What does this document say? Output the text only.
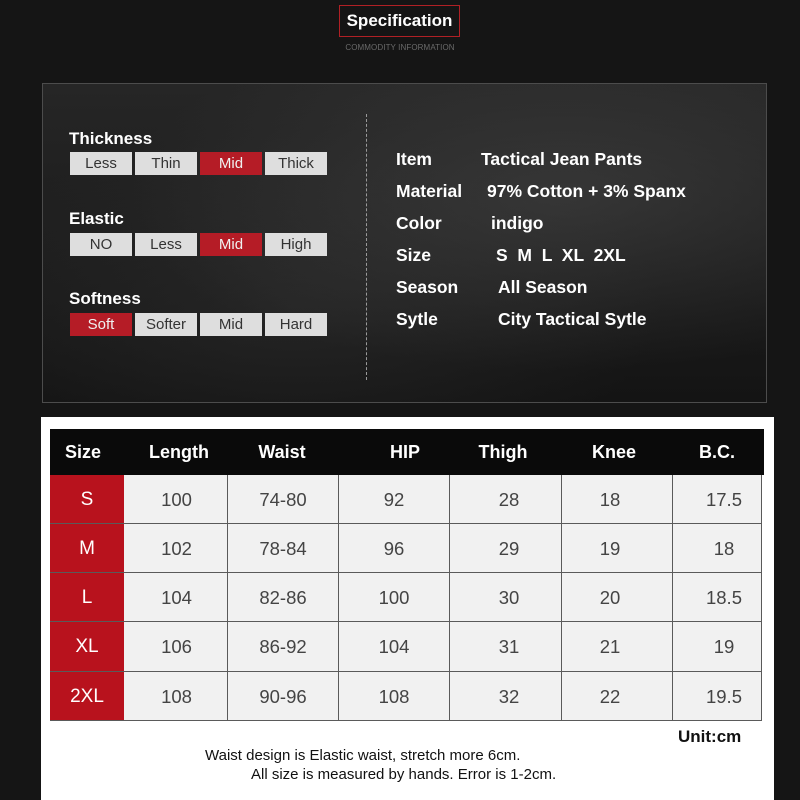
Specification
COMMODITY INFORMATION
Thickness
Less	Thin	Mid	Thick
Elastic
NO	Less	Mid	High
Softness
Soft	Softer	Mid	Hard
Item	Tactical Jean Pants
Material 97% Cotton + 3% Spanx
Color	indigo
Size	S  M  L  XL  2XL
Season All Season
Sytle	City Tactical Sytle
Size	Length	Waist	HIP	Thigh	Knee	B.C.
S	100	74-80	92	28	18	17.5
M	102	78-84	96	29	19	18
L	104	82-86	100	30	20	18.5
XL	106	86-92	104	31	21	19
2XL	108	90-96	108	32	22	19.5
Unit:cm
Waist design is Elastic waist, stretch more 6cm.
All size is measured by hands. Error is 1-2cm.
